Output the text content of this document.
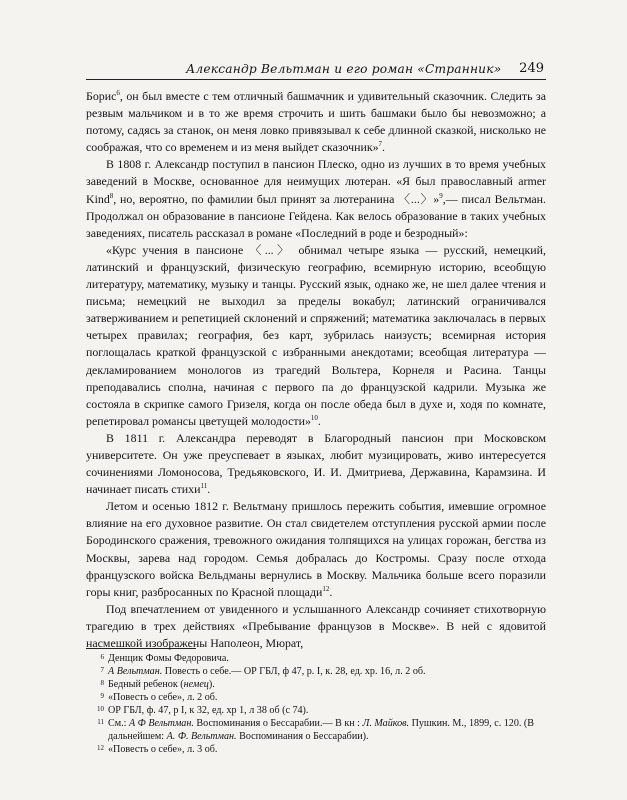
Александр Вельтман и его роман «Странник» 249

Борис$^6$, он был вместе с тем отличный башмачник и удивительный сказочник. Следить за резвым мальчиком и в то же время строчить и шить башмаки было бы невозможно; а потому, садясь за станок, он меня ловко привязывал к себе длинной сказкой, нисколько не соображая, что со временем и из меня выйдет сказочник»$^7$.

В 1808 г. Александр поступил в пансион Плеско, одно из лучших в то время учебных заведений в Москве, основанное для неимущих лютеран. «Я был православный armer Kind$^8$, но, вероятно, по фамилии был принят за лютеранина 〈...〉»$^9$,— писал Вельтман. Продолжал он образование в пансионе Гейдена. Как велось образование в таких учебных заведениях, писатель рассказал в романе «Последний в роде и безродный»:

«Курс учения в пансионе 〈...〉 обнимал четыре языка — русский, немецкий, латинский и французский, физическую географию, всемирную историю, всеобщую литературу, математику, музыку и танцы. Русский язык, однако же, не шел далее чтения и письма; немецкий не выходил за пределы вокабул; латинский ограничивался затверживанием и репетицией склонений и спряжений; математика заключалась в первых четырех правилах; география, без карт, зубрилась наизусть; всемирная история поглощалась краткой французской с избранными анекдотами; всеобщая литература — декламированием монологов из трагедий Вольтера, Корнеля и Расина. Танцы преподавались сполна, начиная с первого па до французской кадрили. Музыка же состояла в скрипке самого Гризеля, когда он после обеда был в духе и, ходя по комнате, репетировал романсы цветущей молодости»$^{10}$.

В 1811 г. Александра переводят в Благородный пансион при Московском университете. Он уже преуспевает в языках, любит музицировать, живо интересуется сочинениями Ломоносова, Тредьяковского, И. И. Дмитриева, Державина, Карамзина. И начинает писать стихи$^{11}$.

Летом и осенью 1812 г. Вельтману пришлось пережить события, имевшие огромное влияние на его духовное развитие. Он стал свидетелем отступления русской армии после Бородинского сражения, тревожного ожидания толпящихся на улицах горожан, бегства из Москвы, зарева над городом. Семья добралась до Костромы. Сразу после отхода французского войска Вельдманы вернулись в Москву. Мальчика больше всего поразили горы книг, разбросанных по Красной площади$^{12}$.

Под впечатлением от увиденного и услышанного Александр сочиняет стихотворную трагедию в трех действиях «Пребывание французов в Москве». В ней с ядовитой насмешкой изображены Наполеон, Мюрат,

6 Денщик Фомы Федоровича.
7 А Вельтман. Повесть о себе.— ОР ГБЛ, ф 47, р. I, к. 28, ед. хр. 16, л. 2 об.
8 Бедный ребенок (немец).
9 «Повесть о себе», л. 2 об.
10 ОР ГБЛ, ф. 47, р I, к 32, ед. хр 1, л 38 об (с 74).
11 См.: А Ф Вельтман. Воспоминания о Бессарабии.— В кн : Л. Майков. Пушкин. М., 1899, с. 120. (В дальнейшем: А. Ф. Вельтман. Воспоминания о Бессарабии).
12 «Повесть о себе», л. 3 об.
